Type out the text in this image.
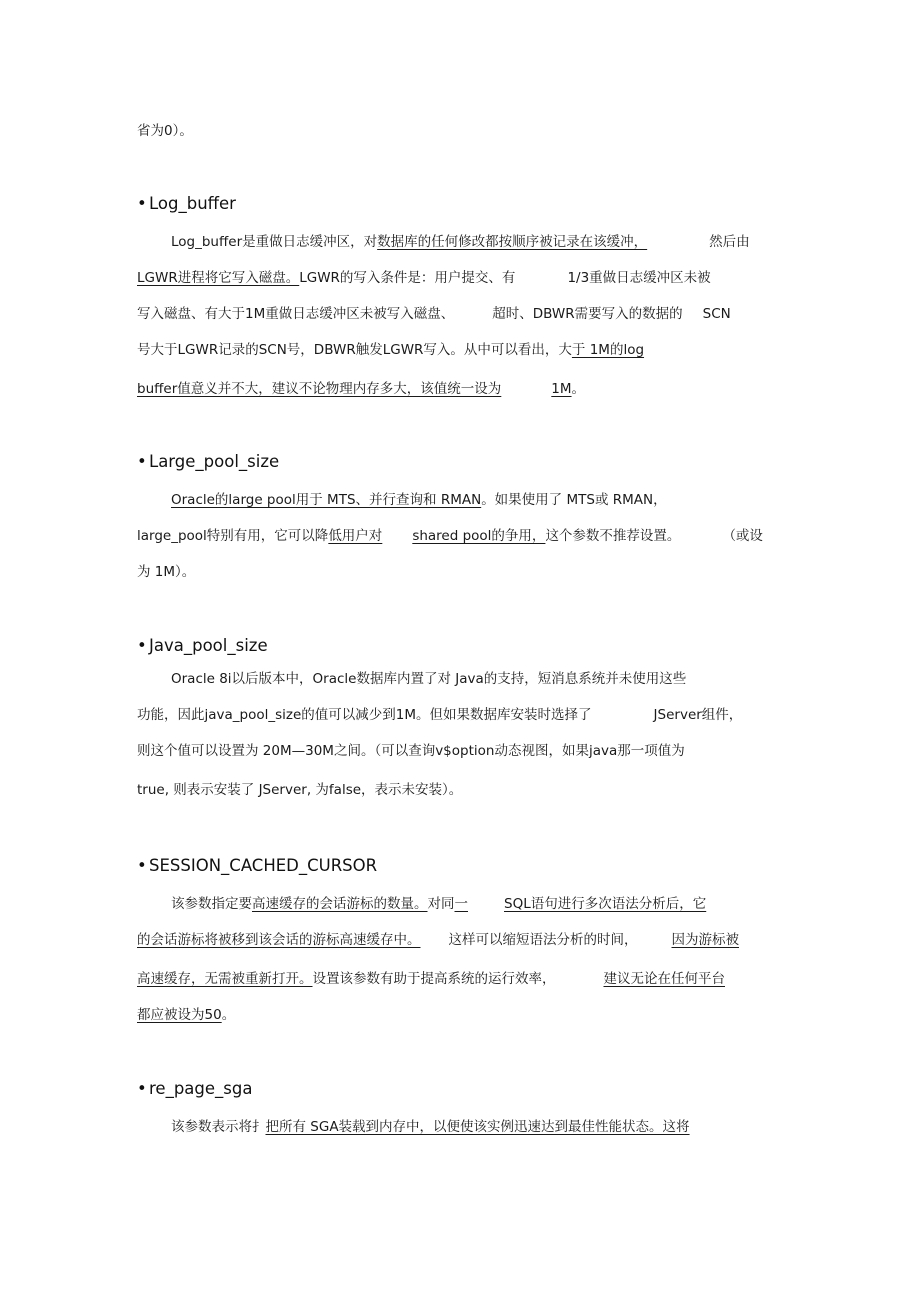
省为0）。
• Log_buffer
Log_buffer是重做日志缓冲区，对数据库的任何修改都按顺序被记录在该缓冲，	然后由
LGWR进程将它写入磁盘。LGWR的写入条件是：用户提交、有	1/3重做日志缓冲区未被
写入磁盘、有大于1M重做日志缓冲区未被写入磁盘、	超时、DBWR需要写入的数据的 SCN
号大于LGWR记录的SCN号，DBWR触发LGWR写入。从中可以看出，大于 1M的log
buffer值意义并不大，建议不论物理内存多大，该值统一设为	1M。
• Large_pool_size
Oracle的large pool用于 MTS、并行查询和 RMAN。如果使用了 MTS或 RMAN，
large_pool特别有用，它可以降低用户对 shared pool的争用，这个参数不推荐设置。	（或设
为 1M）。
• Java_pool_size
Oracle 8i以后版本中，Oracle数据库内置了对 Java的支持，短消息系统并未使用这些
功能，因此java_pool_size的值可以减少到1M。但如果数据库安装时选择了	JServer组件，
则这个值可以设置为 20M—30M之间。（可以查询v$option动态视图，如果java那一项值为
true, 则表示安装了 JServer, 为false，表示未安装）。
• SESSION_CACHED_CURSOR
该参数指定要高速缓存的会话游标的数量。对同一	SQL语句进行多次语法分析后，它
的会话游标将被移到该会话的游标高速缓存中。 这样可以缩短语法分析的时间，	因为游标被
高速缓存，无需被重新打开。设置该参数有助于提高系统的运行效率，	建议无论在任何平台
都应被设为50。
• re_page_sga
该参数表示将扌把所有 SGA装载到内存中，以便使该实例迅速达到最佳性能状态。这将
